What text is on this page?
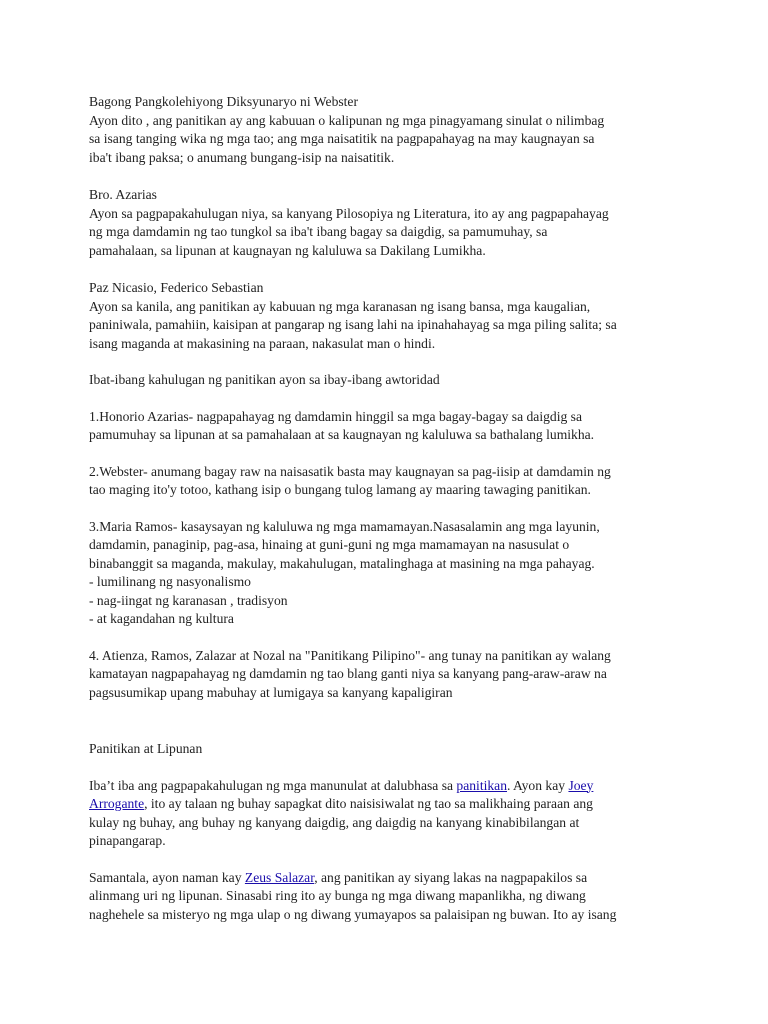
Bagong Pangkolehiyong Diksyunaryo ni Webster
Ayon dito , ang panitikan ay ang kabuuan o kalipunan ng mga pinagyamang sinulat o nilimbag
sa isang tanging wika ng mga tao; ang mga naisatitik na pagpapahayag na may kaugnayan sa
iba't ibang paksa; o anumang bungang-isip na naisatitik.
Bro. Azarias
Ayon sa pagpapakahulugan niya, sa kanyang Pilosopiya ng Literatura, ito ay ang pagpapahayag
ng mga damdamin ng tao tungkol sa iba't ibang bagay sa daigdig, sa pamumuhay, sa
pamahalaan, sa lipunan at kaugnayan ng kaluluwa sa Dakilang Lumikha.
Paz Nicasio, Federico Sebastian
Ayon sa kanila, ang panitikan ay kabuuan ng mga karanasan ng isang bansa, mga kaugalian,
paniniwala, pamahiin, kaisipan at pangarap ng isang lahi na ipinahahayag sa mga piling salita; sa
isang maganda at makasining na paraan, nakasulat man o hindi.
Ibat-ibang kahulugan ng panitikan ayon sa ibay-ibang awtoridad
1.Honorio Azarias- nagpapahayag ng damdamin hinggil sa mga bagay-bagay sa daigdig sa
pamumuhay sa lipunan at sa pamahalaan at sa kaugnayan ng kaluluwa sa bathalang lumikha.
2.Webster- anumang bagay raw na naisasatik basta may kaugnayan sa pag-iisip at damdamin ng
tao maging ito'y totoo, kathang isip o bungang tulog lamang ay maaring tawaging panitikan.
3.Maria Ramos- kasaysayan ng kaluluwa ng mga mamamayan.Nasasalamin ang mga layunin,
damdamin, panaginip, pag-asa, hinaing at guni-guni ng mga mamamayan na nasusulat o
binabanggit sa maganda, makulay, makahulugan, matalinghaga at masining na mga pahayag.
- lumilinang ng nasyonalismo
- nag-iingat ng karanasan , tradisyon
- at kagandahan ng kultura
4. Atienza, Ramos, Zalazar at Nozal na "Panitikang Pilipino"- ang tunay na panitikan ay walang
kamatayan nagpapahayag ng damdamin ng tao blang ganti niya sa kanyang pang-araw-araw na
pagsusumikap upang mabuhay at lumigaya sa kanyang kapaligiran
Panitikan at Lipunan
Iba’t iba ang pagpapakahulugan ng mga manunulat at dalubhasa sa panitikan. Ayon kay Joey
Arrogante, ito ay talaan ng buhay sapagkat dito naisisiwalat ng tao sa malikhaing paraan ang
kulay ng buhay, ang buhay ng kanyang daigdig, ang daigdig na kanyang kinabibilangan at
pinapangarap.
Samantala, ayon naman kay Zeus Salazar, ang panitikan ay siyang lakas na nagpapakilos sa
alinmang uri ng lipunan. Sinasabi ring ito ay bunga ng mga diwang mapanlikha, ng diwang
naghehele sa misteryo ng mga ulap o ng diwang yumayapos sa palaisipan ng buwan. Ito ay isang
